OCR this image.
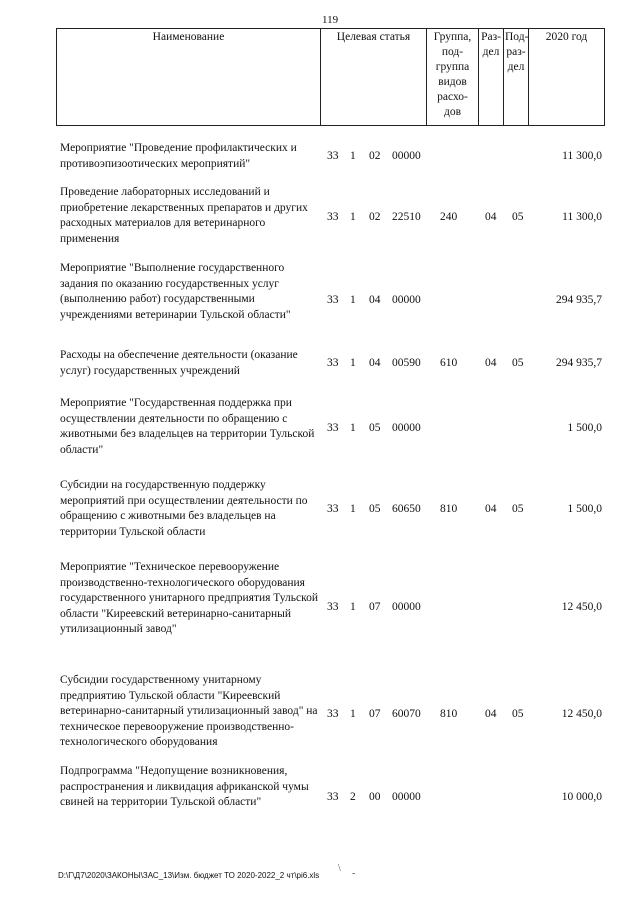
119
Наименование	Целевая статья	Группа,
под-
группа
видов
расхо-
дов	Раз-
дел	Под-
раз-
дел	2020 год
Мероприятие "Проведение профилактических и противоэпизоотических мероприятий"
33 1 02 00000	11 300,0
Проведение лабораторных исследований и приобретение лекарственных препаратов и других расходных материалов для ветеринарного применения
33 1 02 22510 240 04 05	11 300,0
Мероприятие "Выполнение государственного задания по оказанию государственных услуг (выполнению работ) государственными учреждениями ветеринарии Тульской области"
33 1 04 00000	294 935,7
Расходы на обеспечение деятельности (оказание услуг) государственных учреждений
33 1 04 00590 610 04 05	294 935,7
Мероприятие "Государственная поддержка при осуществлении деятельности по обращению с животными без владельцев на территории Тульской области"
33 1 05 00000	1 500,0
Субсидии на государственную поддержку мероприятий при осуществлении деятельности по обращению с животными без владельцев на территории Тульской области
33 1 05 60650 810 04 05	1 500,0
Мероприятие "Техническое перевооружение производственно-технологического оборудования государственного унитарного предприятия Тульской области "Киреевский ветеринарно-санитарный утилизационный завод"
33 1 07 00000	12 450,0
Субсидии государственному унитарному предприятию Тульской области "Киреевский ветеринарно-санитарный утилизационный завод" на техническое перевооружение производственно-технологического оборудования
33 1 07 60070 810 04 05	12 450,0
Подпрограмма "Недопущение возникновения, распространения и ликвидация африканской чумы свиней на территории Тульской области"	33 2 00 00000	10 000,0
D:\Г\Д7\2020\ЗАКОНЫ\ЗАС_13\Изм. бюджет ТО 2020-2022_2 чт\рі6.xls
\ -
